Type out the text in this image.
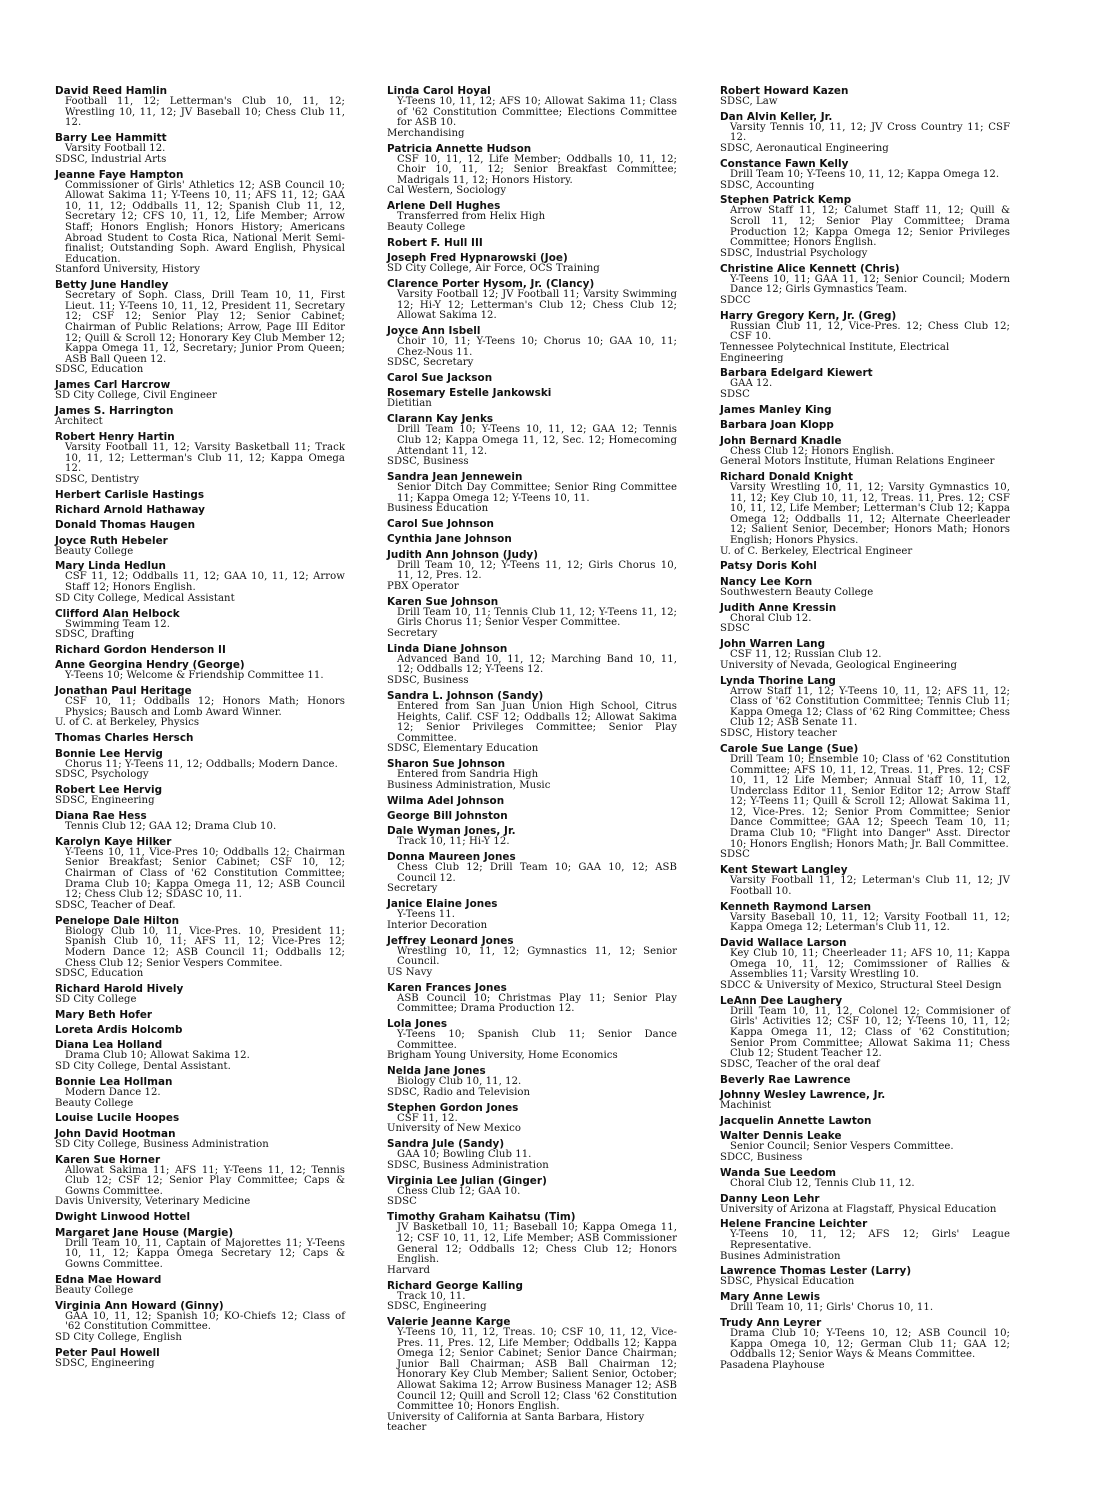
David Reed Hamlin
Football 11, 12; Letterman's Club 10, 11, 12; Wrestling 10, 11, 12; JV Baseball 10; Chess Club 11, 12.
Barry Lee Hammitt
Varsity Football 12.
SDSC, Industrial Arts
Jeanne Faye Hampton
Commissioner of Girls' Athletics 12; ASB Council 10; Allowat Sakima 11; Y-Teens 10, 11; AFS 11, 12; GAA 10, 11, 12; Oddballs 11, 12; Spanish Club 11, 12, Secretary 12; CFS 10, 11, 12, Life Member; Arrow Staff; Honors English; Honors History; Americans Abroad Student to Costa Rica, National Merit Semi-finalist; Outstanding Soph. Award English, Physical Education.
Stanford University, History
Betty June Handley
Secretary of Soph. Class, Drill Team 10, 11, First Lieut. 11; Y-Teens 10, 11, 12, President 11, Secretary 12; CSF 12; Senior Play 12; Senior Cabinet; Chairman of Public Relations; Arrow, Page III Editor 12; Quill & Scroll 12; Honorary Key Club Member 12; Kappa Omega 11, 12, Secretary; Junior Prom Queen; ASB Ball Queen 12.
SDSC, Education
James Carl Harcrow
SD City College, Civil Engineer
James S. Harrington
Architect
Robert Henry Hartin
Varsity Football 11, 12; Varsity Basketball 11; Track 10, 11, 12; Letterman's Club 11, 12; Kappa Omega 12.
SDSC, Dentistry
Herbert Carlisle Hastings
Richard Arnold Hathaway
Donald Thomas Haugen
Joyce Ruth Hebeler
Beauty College
Mary Linda Hedlun
CSF 11, 12; Oddballs 11, 12; GAA 10, 11, 12; Arrow Staff 12; Honors English.
SD City College, Medical Assistant
Clifford Alan Helbock
Swimming Team 12.
SDSC, Drafting
Richard Gordon Henderson II
Anne Georgina Hendry (George)
Y-Teens 10; Welcome & Friendship Committee 11.
Jonathan Paul Heritage
CSF 10, 11; Oddballs 12; Honors Math; Honors Physics; Bausch and Lomb Award Winner.
U. of C. at Berkeley, Physics
Thomas Charles Hersch
Bonnie Lee Hervig
Chorus 11; Y-Teens 11, 12; Oddballs; Modern Dance.
SDSC, Psychology
Robert Lee Hervig
SDSC, Engineering
Diana Rae Hess
Tennis Club 12; GAA 12; Drama Club 10.
Karolyn Kaye Hilker
Y-Teens 10, 11, Vice-Pres 10; Oddballs 12; Chairman Senior Breakfast; Senior Cabinet; CSF 10, 12; Chairman of Class of '62 Constitution Committee; Drama Club 10; Kappa Omega 11, 12; ASB Council 12; Chess Club 12; SDASC 10, 11.
SDSC, Teacher of Deaf.
Penelope Dale Hilton
Biology Club 10, 11, Vice-Pres. 10, President 11; Spanish Club 10, 11; AFS 11, 12; Vice-Pres 12; Modern Dance 12; ASB Council 11; Oddballs 12; Chess Club 12; Senior Vespers Commitee.
SDSC, Education
Richard Harold Hively
SD City College
Mary Beth Hofer
Loreta Ardis Holcomb
Diana Lea Holland
Drama Club 10; Allowat Sakima 12.
SD City College, Dental Assistant.
Bonnie Lea Hollman
Modern Dance 12.
Beauty College
Louise Lucile Hoopes
John David Hootman
SD City College, Business Administration
Karen Sue Horner
Allowat Sakima 11; AFS 11; Y-Teens 11, 12; Tennis Club 12; CSF 12; Senior Play Committee; Caps & Gowns Committee.
Davis University, Veterinary Medicine
Dwight Linwood Hottel
Margaret Jane House (Margie)
Drill Team 10, 11, Captain of Majorettes 11; Y-Teens 10, 11, 12; Kappa Omega Secretary 12; Caps & Gowns Committee.
Edna Mae Howard
Beauty College
Virginia Ann Howard (Ginny)
GAA 10, 11, 12; Spanish 10; KO-Chiefs 12; Class of '62 Constitution Committee.
SD City College, English
Peter Paul Howell
SDSC, Engineering
Linda Carol Hoyal
Y-Teens 10, 11, 12; AFS 10; Allowat Sakima 11; Class of '62 Constitution Committee; Elections Committee for ASB 10.
Merchandising
Patricia Annette Hudson
CSF 10, 11, 12, Life Member; Oddballs 10, 11, 12; Choir 10, 11, 12; Senior Breakfast Committee; Madrigals 11, 12; Honors History.
Cal Western, Sociology
Arlene Dell Hughes
Transferred from Helix High
Beauty College
Robert F. Hull III
Joseph Fred Hypnarowski (Joe)
SD City College, Air Force, OCS Training
Clarence Porter Hysom, Jr. (Clancy)
Varsity Football 12; JV Football 11; Varsity Swimming 12; Hi-Y 12; Letterman's Club 12; Chess Club 12; Allowat Sakima 12.
Joyce Ann Isbell
Choir 10, 11; Y-Teens 10; Chorus 10; GAA 10, 11; Chez-Nous 11.
SDSC, Secretary
Carol Sue Jackson
Rosemary Estelle Jankowski
Dietitian
Clarann Kay Jenks
Drill Team 10; Y-Teens 10, 11, 12; GAA 12; Tennis Club 12; Kappa Omega 11, 12, Sec. 12; Homecoming Attendant 11, 12.
SDSC, Business
Sandra Jean Jennewein
Senior Ditch Day Committee; Senior Ring Committee 11; Kappa Omega 12; Y-Teens 10, 11.
Business Education
Carol Sue Johnson
Cynthia Jane Johnson
Judith Ann Johnson (Judy)
Drill Team 10, 12; Y-Teens 11, 12; Girls Chorus 10, 11, 12, Pres. 12.
PBX Operator
Karen Sue Johnson
Drill Team 10, 11; Tennis Club 11, 12; Y-Teens 11, 12; Girls Chorus 11; Senior Vesper Committee.
Secretary
Linda Diane Johnson
Advanced Band 10, 11, 12; Marching Band 10, 11, 12; Oddballs 12; Y-Teens 12.
SDSC, Business
Sandra L. Johnson (Sandy)
Entered from San Juan Union High School, Citrus Heights, Calif. CSF 12; Oddballs 12; Allowat Sakima 12; Senior Privileges Committee; Senior Play Committee.
SDSC, Elementary Education
Sharon Sue Johnson
Entered from Sandria High
Business Administration, Music
Wilma Adel Johnson
George Bill Johnston
Dale Wyman Jones, Jr.
Track 10, 11; Hi-Y 12.
Donna Maureen Jones
Chess Club 12; Drill Team 10; GAA 10, 12; ASB Council 12.
Secretary
Janice Elaine Jones
Y-Teens 11.
Interior Decoration
Jeffrey Leonard Jones
Wrestling 10, 11, 12; Gymnastics 11, 12; Senior Council.
US Navy
Karen Frances Jones
ASB Council 10; Christmas Play 11; Senior Play Committee; Drama Production 12.
Lola Jones
Y-Teens 10; Spanish Club 11; Senior Dance Committee.
Brigham Young University, Home Economics
Nelda Jane Jones
Biology Club 10, 11, 12.
SDSC, Radio and Television
Stephen Gordon Jones
CSF 11, 12.
University of New Mexico
Sandra Jule (Sandy)
GAA 10; Bowling Club 11.
SDSC, Business Administration
Virginia Lee Julian (Ginger)
Chess Club 12; GAA 10.
SDSC
Timothy Graham Kaihatsu (Tim)
JV Basketball 10, 11; Baseball 10; Kappa Omega 11, 12; CSF 10, 11, 12, Life Member; ASB Commissioner General 12; Oddballs 12; Chess Club 12; Honors English.
Harvard
Richard George Kalling
Track 10, 11.
SDSC, Engineering
Valerie Jeanne Karge
Y-Teens 10, 11, 12, Treas. 10; CSF 10, 11, 12, Vice-Pres. 11, Pres. 12, Life Member; Oddballs 12; Kappa Omega 12; Senior Cabinet; Senior Dance Chairman; Junior Ball Chairman; ASB Ball Chairman 12; Honorary Key Club Member; Salient Senior, October; Allowat Sakima 12; Arrow Business Manager 12; ASB Council 12; Quill and Scroll 12; Class '62 Constitution Committee 10; Honors English.
University of California at Santa Barbara, History teacher
Robert Howard Kazen
SDSC, Law
Dan Alvin Keller, Jr.
Varsity Tennis 10, 11, 12; JV Cross Country 11; CSF 12.
SDSC, Aeronautical Engineering
Constance Fawn Kelly
Drill Team 10; Y-Teens 10, 11, 12; Kappa Omega 12.
SDSC, Accounting
Stephen Patrick Kemp
Arrow Staff 11, 12; Calumet Staff 11, 12; Quill & Scroll 11, 12; Senior Play Committee; Drama Production 12; Kappa Omega 12; Senior Privileges Committee; Honors English.
SDSC, Industrial Psychology
Christine Alice Kennett (Chris)
Y-Teens 10, 11; GAA 11, 12; Senior Council; Modern Dance 12; Girls Gymnastics Team.
SDCC
Harry Gregory Kern, Jr. (Greg)
Russian Club 11, 12, Vice-Pres. 12; Chess Club 12; CSF 10.
Tennessee Polytechnical Institute, Electrical Engineering
Barbara Edelgard Kiewert
GAA 12.
SDSC
James Manley King
Barbara Joan Klopp
John Bernard Knadle
Chess Club 12; Honors English.
General Motors Institute, Human Relations Engineer
Richard Donald Knight
Varsity Wrestling 10, 11, 12; Varsity Gymnastics 10, 11, 12; Key Club 10, 11, 12, Treas. 11, Pres. 12; CSF 10, 11, 12, Life Member; Letterman's Club 12; Kappa Omega 12; Oddballs 11, 12; Alternate Cheerleader 12; Salient Senior, December; Honors Math; Honors English; Honors Physics.
U. of C. Berkeley, Electrical Engineer
Patsy Doris Kohl
Nancy Lee Korn
Southwestern Beauty College
Judith Anne Kressin
Choral Club 12.
SDSC
John Warren Lang
CSF 11, 12; Russian Club 12.
University of Nevada, Geological Engineering
Lynda Thorine Lang
Arrow Staff 11, 12; Y-Teens 10, 11, 12; AFS 11, 12; Class of '62 Constitution Committee; Tennis Club 11; Kappa Omega 12; Class of '62 Ring Committee; Chess Club 12; ASB Senate 11.
SDSC, History teacher
Carole Sue Lange (Sue)
Drill Team 10; Ensemble 10; Class of '62 Constitution Committee; AFS 10, 11, 12, Treas. 11, Pres. 12; CSF 10, 11, 12 Life Member; Annual Staff 10, 11, 12, Underclass Editor 11, Senior Editor 12; Arrow Staff 12; Y-Teens 11; Quill & Scroll 12; Allowat Sakima 11, 12, Vice-Pres. 12; Senior Prom Committee; Senior Dance Committee; GAA 12; Speech Team 10, 11; Drama Club 10; "Flight into Danger" Asst. Director 10; Honors English; Honors Math; Jr. Ball Committee.
SDSC
Kent Stewart Langley
Varsity Football 11, 12; Leterman's Club 11, 12; JV Football 10.
Kenneth Raymond Larsen
Varsity Baseball 10, 11, 12; Varsity Football 11, 12; Kappa Omega 12; Leterman's Club 11, 12.
David Wallace Larson
Key Club 10, 11; Cheerleader 11; AFS 10, 11; Kappa Omega 10, 11, 12; Comimssioner of Rallies & Assemblies 11; Varsity Wrestling 10.
SDCC & University of Mexico, Structural Steel Design
LeAnn Dee Laughery
Drill Team 10, 11, 12, Colonel 12; Commisioner of Girls' Activities 12; CSF 10, 12; Y-Teens 10, 11, 12; Kappa Omega 11, 12; Class of '62 Constitution; Senior Prom Committee; Allowat Sakima 11; Chess Club 12; Student Teacher 12.
SDSC, Teacher of the oral deaf
Beverly Rae Lawrence
Johnny Wesley Lawrence, Jr.
Machinist
Jacquelin Annette Lawton
Walter Dennis Leake
Senior Council; Senior Vespers Committee.
SDCC, Business
Wanda Sue Leedom
Choral Club 12, Tennis Club 11, 12.
Danny Leon Lehr
University of Arizona at Flagstaff, Physical Education
Helene Francine Leichter
Y-Teens 10, 11, 12; AFS 12; Girls' League Representative.
Busines Administration
Lawrence Thomas Lester (Larry)
SDSC, Physical Education
Mary Anne Lewis
Drill Team 10, 11; Girls' Chorus 10, 11.
Trudy Ann Leyrer
Drama Club 10; Y-Teens 10, 12; ASB Council 10; Kappa Omega 10, 12; German Club 11; GAA 12; Oddballs 12; Senior Ways & Means Committee.
Pasadena Playhouse
